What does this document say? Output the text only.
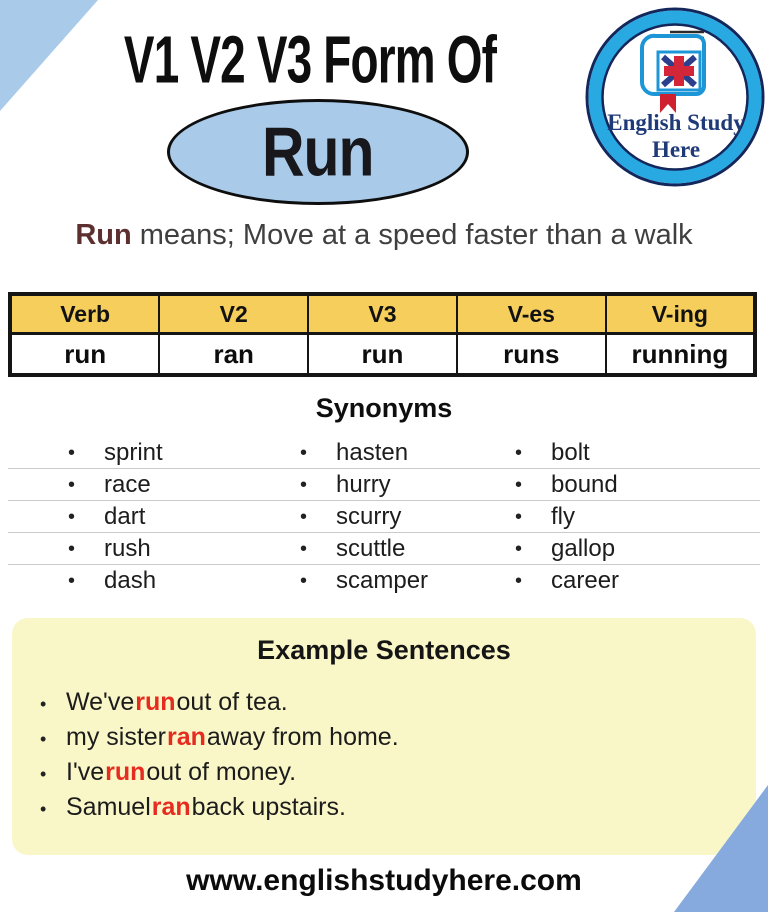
V1 V2 V3 Form Of
Run	English Study
Here
Run means; Move at a speed faster than a walk
Verb	V2	V3	V-es	V-ing
run	ran	run	runs	running
Synonyms
•	sprint	•	hasten	•	bolt
•	race	•	hurry	•	bound
•	dart	•	scurry	•	fly
•	rush	•	scuttle	•	gallop
•	dash	•	scamper	•	career
Example Sentences
• We've run out of tea.
• my sister ran away from home.
• I've run out of money.
• Samuel ran back upstairs.
www.englishstudyhere.com
